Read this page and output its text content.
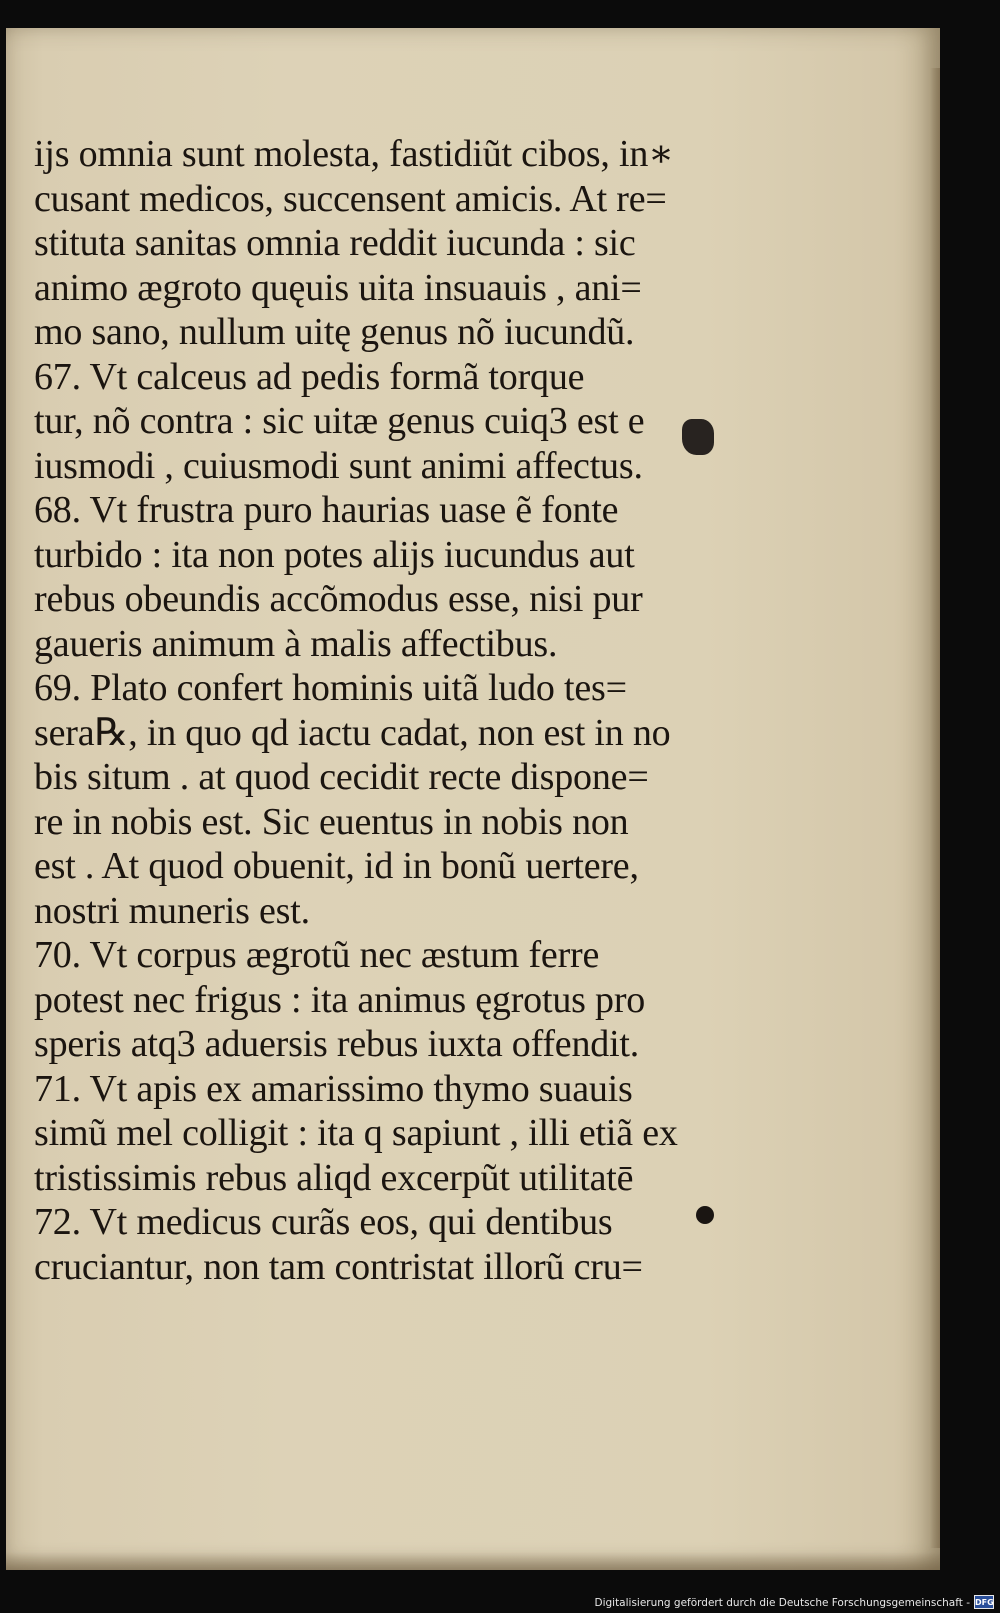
ijs omnia sunt molesta, fastidiũt cibos, in∗
cusant medicos, succensent amicis. At re=
stituta sanitas omnia reddit iucunda : sic
animo ægroto quęuis uita insuauis , ani=
mo sano, nullum uitę genus nõ iucundũ.
67. Vt calceus ad pedis formã torque
tur, nõ contra : sic uitæ genus cuiq3 est e
iusmodi , cuiusmodi sunt animi affectus.
68. Vt frustra puro haurias uase ẽ fonte
turbido : ita non potes alijs iucundus aut
rebus obeundis accõmodus esse, nisi pur
gaueris animum à malis affectibus.
69. Plato confert hominis uitã ludo tes=
sera℞, in quo qd iactu cadat, non est in no
bis situm . at quod cecidit recte dispone=
re in nobis est. Sic euentus in nobis non
est . At quod obuenit, id in bonũ uertere,
nostri muneris est.
70. Vt corpus ægrotũ nec æstum ferre
potest nec frigus : ita animus ęgrotus pro
speris atq3 aduersis rebus iuxta offendit.
71. Vt apis ex amarissimo thymo suauis
simũ mel colligit : ita q sapiunt , illi etiã ex
tristissimis rebus aliqd excerpũt utilitatē
72. Vt medicus curãs eos, qui dentibus
cruciantur, non tam contristat illorũ cru=
Digitalisierung gefördert durch die Deutsche Forschungsgemeinschaft - DFG
